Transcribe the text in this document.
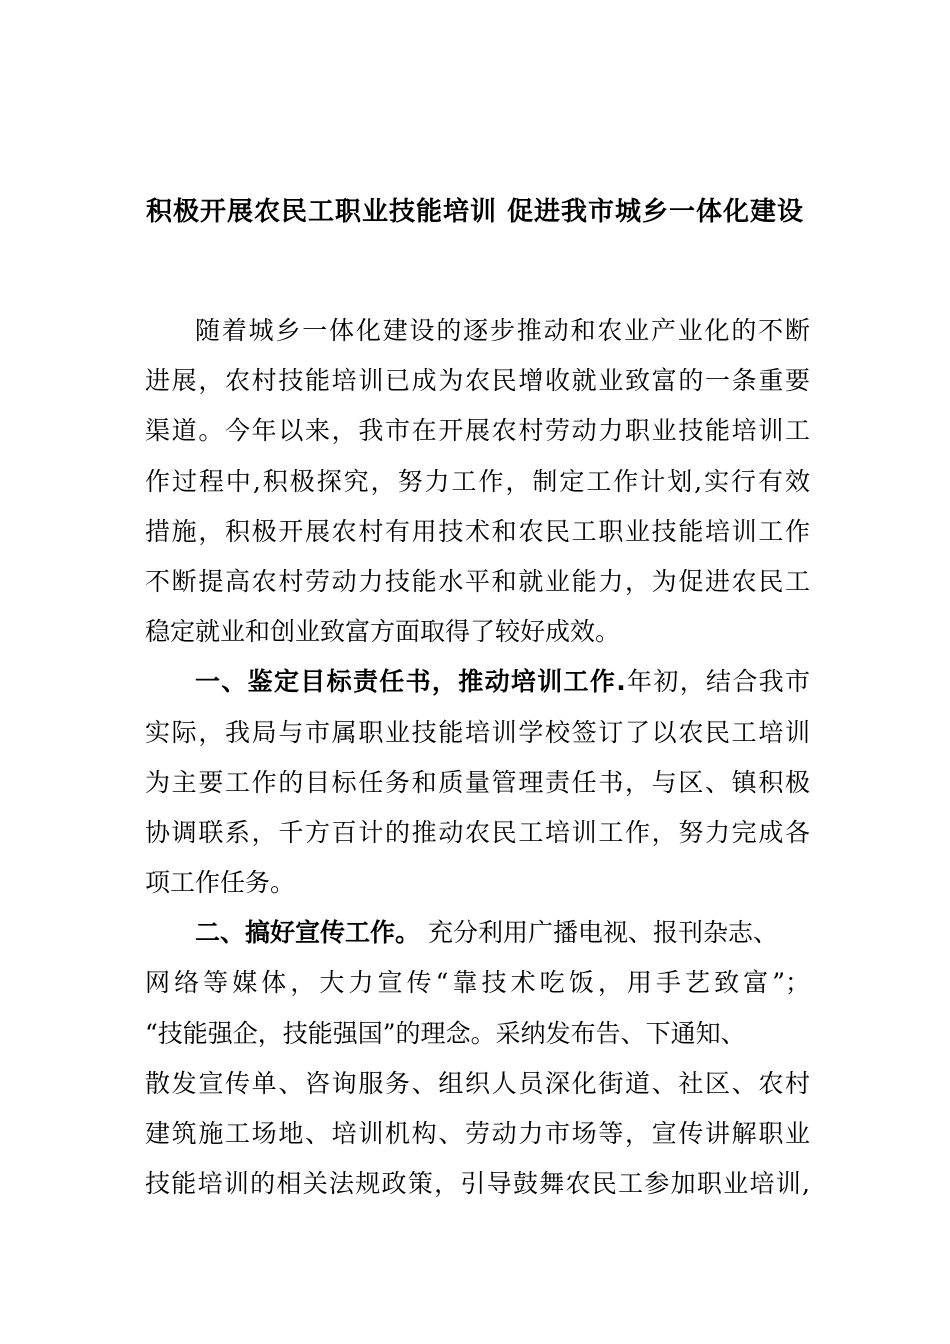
积极开展农民工职业技能培训 促进我市城乡一体化建设
随着城乡一体化建设的逐步推动和农业产业化的不断
进展，农村技能培训已成为农民增收就业致富的一条重要
渠道。今年以来，我市在开展农村劳动力职业技能培训工
作过程中,积极探究，努力工作，制定工作计划,实行有效
措施，积极开展农村有用技术和农民工职业技能培训工作
不断提高农村劳动力技能水平和就业能力，为促进农民工
稳定就业和创业致富方面取得了较好成效。
一、鉴定目标责任书，推动培训工作.年初，结合我市
实际，我局与市属职业技能培训学校签订了以农民工培训
为主要工作的目标任务和质量管理责任书，与区、镇积极
协调联系，千方百计的推动农民工培训工作，努力完成各
项工作任务。
二、搞好宣传工作。 充分利用广播电视、报刊杂志、
网络等媒体，大力宣传“靠技术吃饭，用手艺致富”；
“技能强企，技能强国”的理念。采纳发布告、下通知、
散发宣传单、咨询服务、组织人员深化街道、社区、农村
建筑施工场地、培训机构、劳动力市场等，宣传讲解职业
技能培训的相关法规政策，引导鼓舞农民工参加职业培训,
